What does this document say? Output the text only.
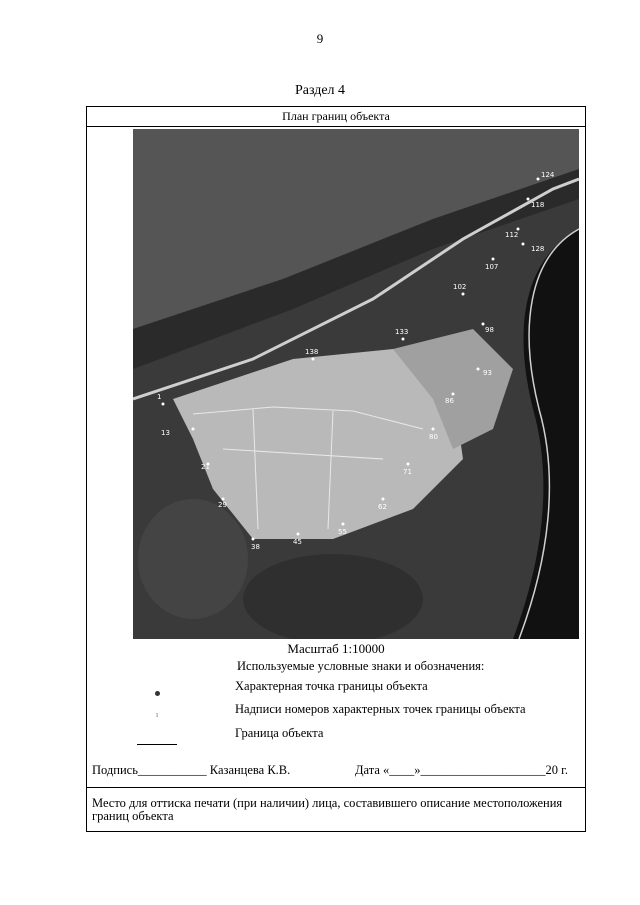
9
Раздел 4
План границ объекта
1
13
21
29
38
45
55
62
71
80
86
93
98
102
107
112
118
124
128
133
138
Масштаб 1:10000
Используемые условные знаки и обозначения:
Характерная точка границы объекта
1	Надписи номеров характерных точек границы объекта
Граница объекта
Подпись___________ Казанцева К.В.	Дата «____»____________________20 г.
Место для оттиска печати (при наличии) лица, составившего описание местоположения границ объекта
